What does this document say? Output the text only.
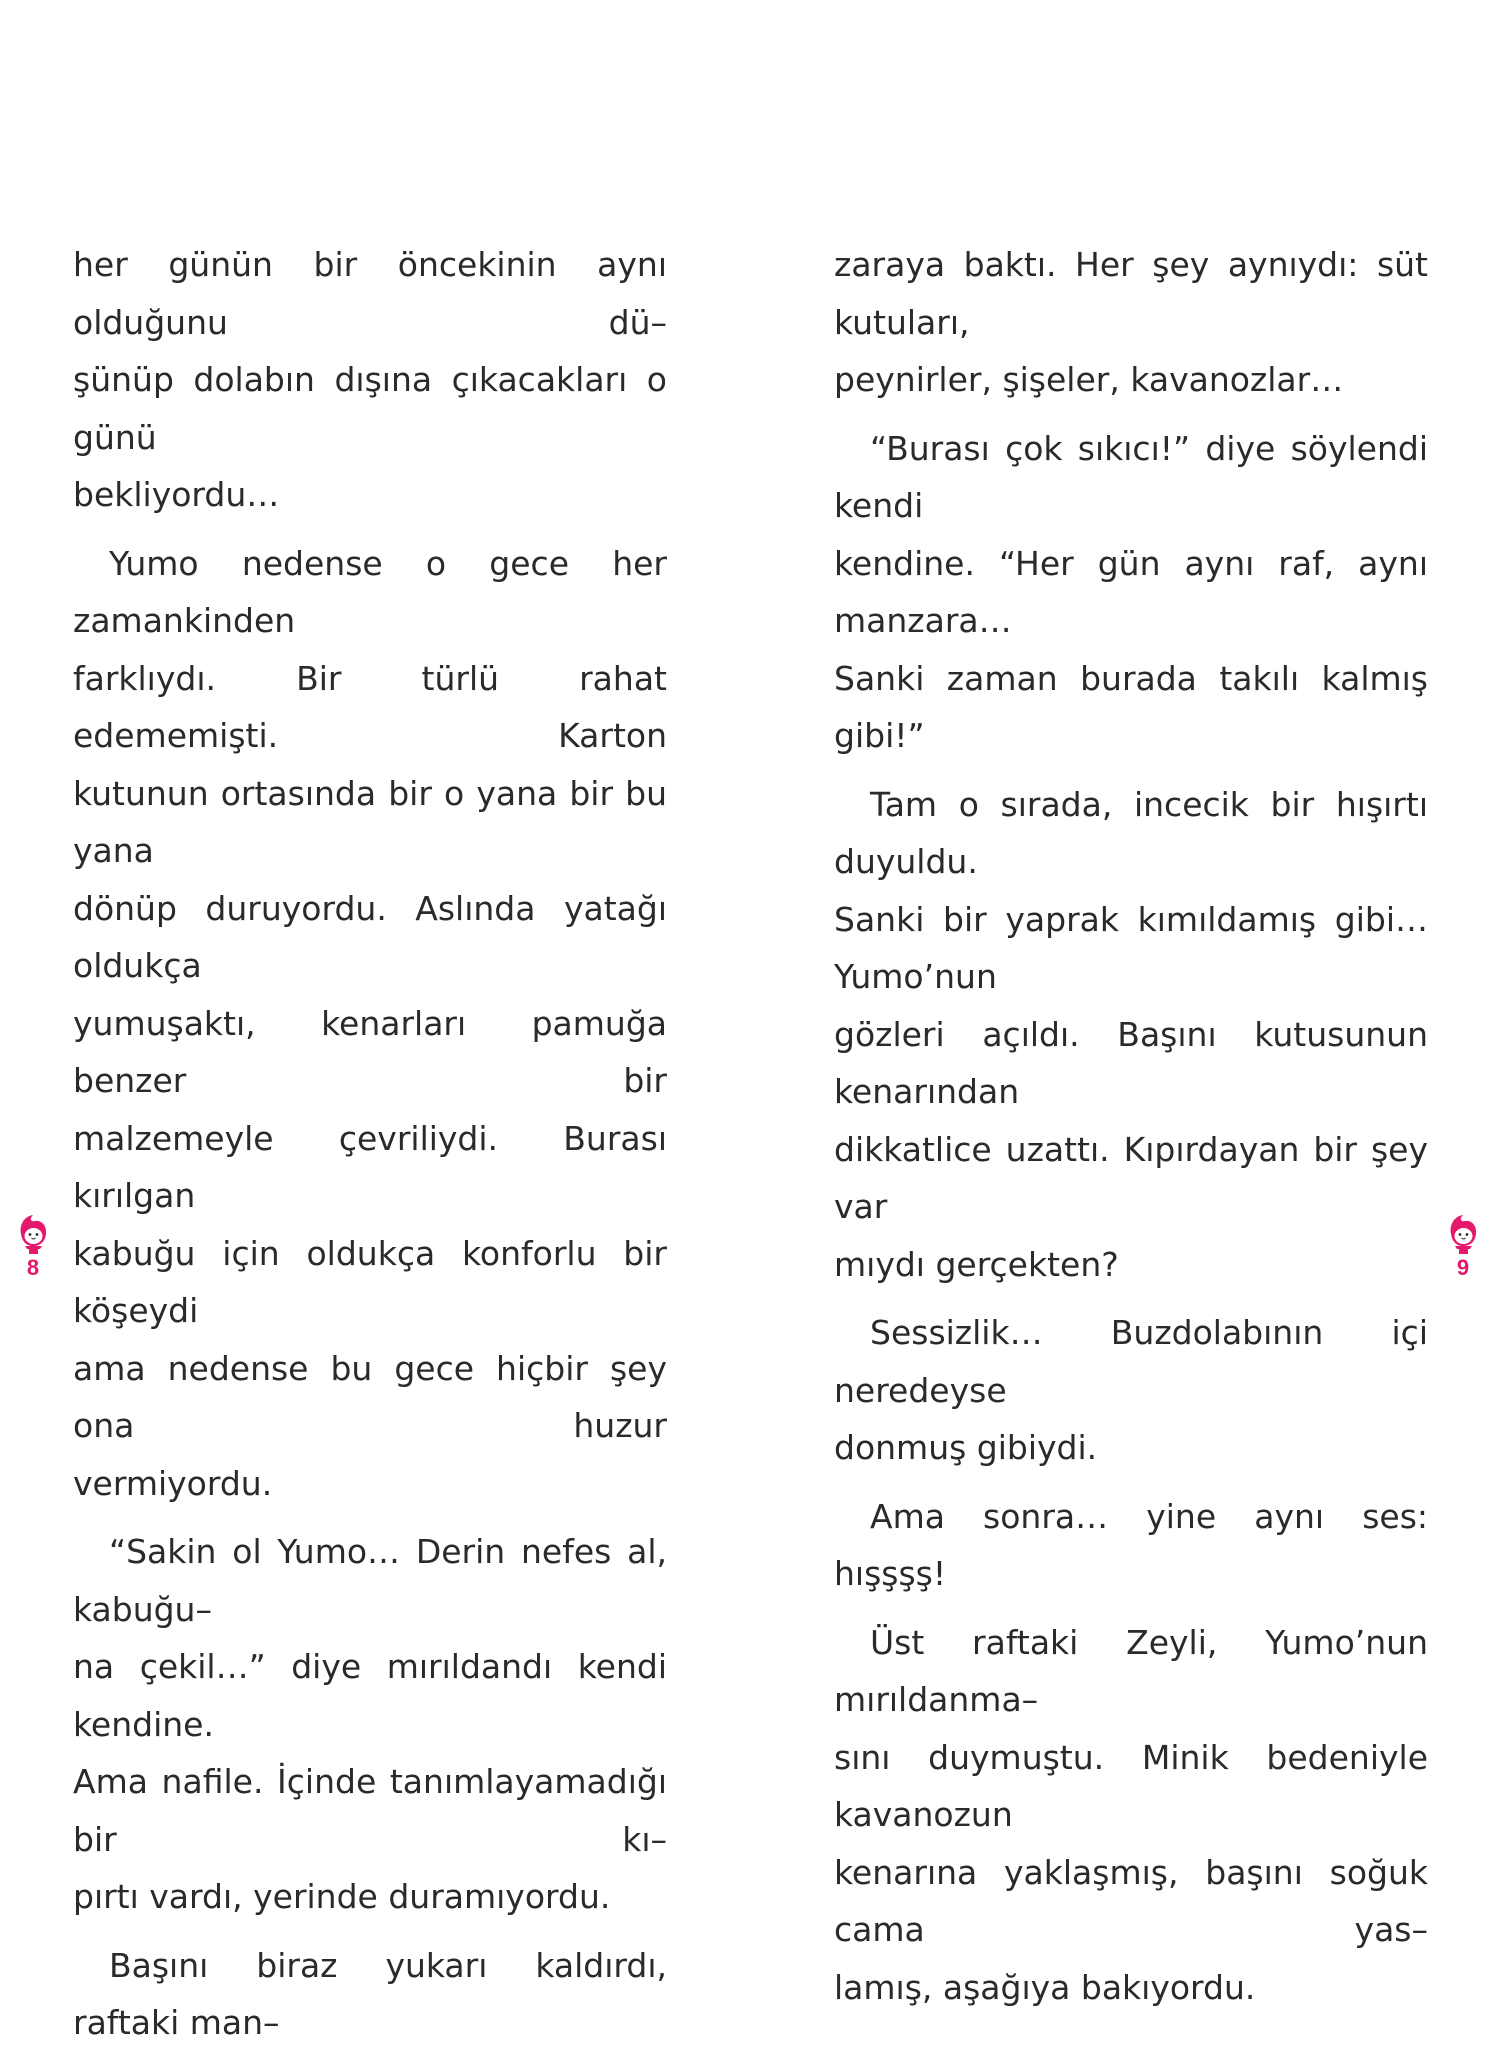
her günün bir öncekinin aynı olduğunu dü–
şünüp dolabın dışına çıkacakları o günü
bekliyordu…

Yumo nedense o gece her zamankinden
farklıydı. Bir türlü rahat edememişti. Karton
kutunun ortasında bir o yana bir bu yana
dönüp duruyordu. Aslında yatağı oldukça
yumuşaktı, kenarları pamuğa benzer bir
malzemeyle çevriliydi. Burası kırılgan
kabuğu için oldukça konforlu bir köşeydi
ama nedense bu gece hiçbir şey ona huzur
vermiyordu.

“Sakin ol Yumo… Derin nefes al, kabuğu–
na çekil…” diye mırıldandı kendi kendine.
Ama nafile. İçinde tanımlayamadığı bir kı–
pırtı vardı, yerinde duramıyordu.

Başını biraz yukarı kaldırdı, raftaki man–

zaraya baktı. Her şey aynıydı: süt kutuları,
peynirler, şişeler, kavanozlar…

“Burası çok sıkıcı!” diye söylendi kendi
kendine. “Her gün aynı raf, aynı manzara…
Sanki zaman burada takılı kalmış gibi!”

Tam o sırada, incecik bir hışırtı duyuldu.
Sanki bir yaprak kımıldamış gibi… Yumo’nun
gözleri açıldı. Başını kutusunun kenarından
dikkatlice uzattı. Kıpırdayan bir şey var
mıydı gerçekten?

Sessizlik… Buzdolabının içi neredeyse
donmuş gibiydi.

Ama sonra… yine aynı ses: hışşşş!

Üst raftaki Zeyli, Yumo’nun mırıldanma–
sını duymuştu. Minik bedeniyle kavanozun
kenarına yaklaşmış, başını soğuk cama yas–
lamış, aşağıya bakıyordu.

8	9
